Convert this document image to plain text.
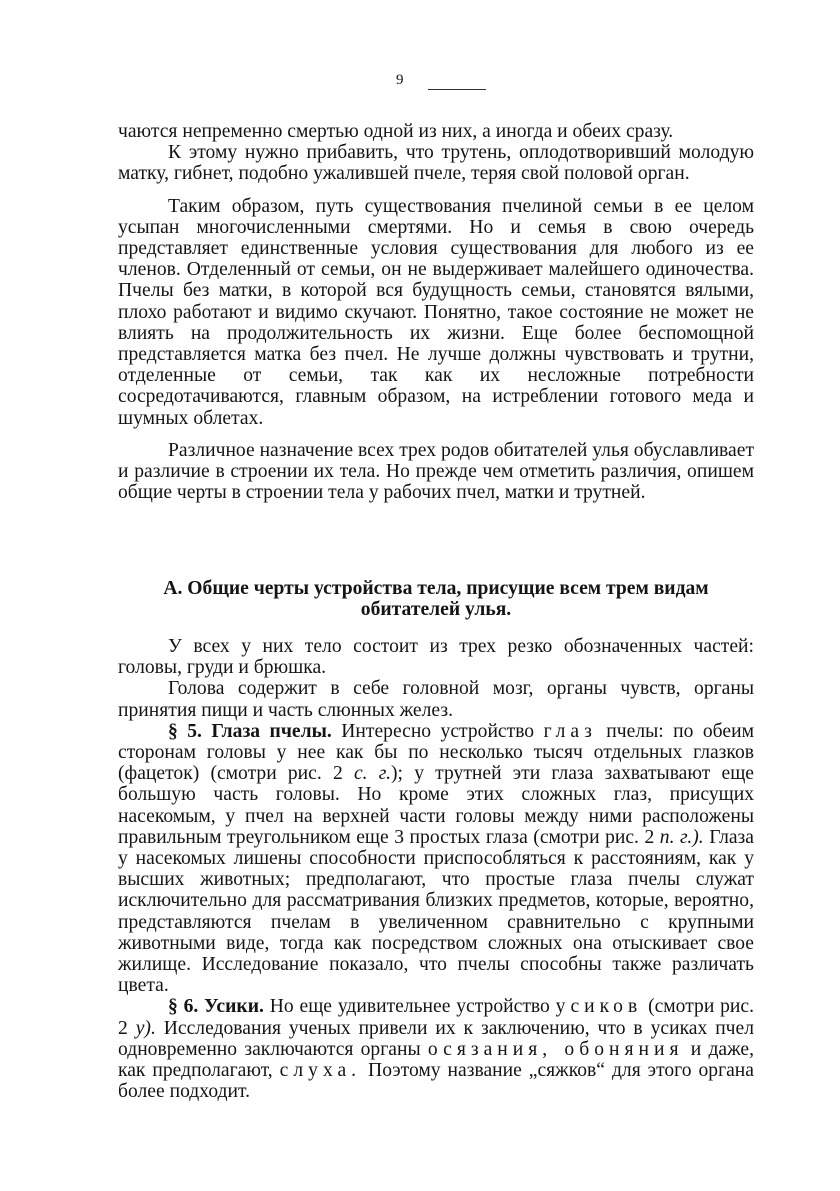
9

чаются непременно смертью одной из них, а иногда и обеих сразу.

К этому нужно прибавить, что трутень, оплодотворивший молодую матку, гибнет, подобно ужалившей пчеле, теряя свой половой орган.

Таким образом, путь существования пчелиной семьи в ее целом усыпан многочисленными смертями. Но и семья в свою очередь представляет единственные условия существования для любого из ее членов. Отделенный от семьи, он не выдерживает малейшего одиночества. Пчелы без матки, в которой вся будущность семьи, становятся вялыми, плохо работают и видимо скучают. Понятно, такое состояние не может не влиять на продолжительность их жизни. Еще более беспомощной представляется матка без пчел. Не лучше должны чувствовать и трутни, отделенные от семьи, так как их несложные потребности сосредотачиваются, главным образом, на истреблении готового меда и шумных облетах.

Различное назначение всех трех родов обитателей улья обуславливает и различие в строении их тела. Но прежде чем отметить различия, опишем общие черты в строении тела у рабочих пчел, матки и трутней.

А. Общие черты устройства тела, присущие всем трем видам обитателей улья.

У всех у них тело состоит из трех резко обозначенных частей: головы, груди и брюшка.

Голова содержит в себе головной мозг, органы чувств, органы принятия пищи и часть слюнных желез.

§ 5. Глаза пчелы. Интересно устройство глаз пчелы: по обеим сторонам головы у нее как бы по несколько тысяч отдельных глазков (фацеток) (смотри рис. 2 с. г.); у трутней эти глаза захватывают еще большую часть головы. Но кроме этих сложных глаз, присущих насекомым, у пчел на верхней части головы между ними расположены правильным треугольником еще 3 простых глаза (смотри рис. 2 п. г.). Глаза у насекомых лишены способности приспособляться к расстояниям, как у высших животных; предполагают, что простые глаза пчелы служат исключительно для рассматривания близких предметов, которые, вероятно, представляются пчелам в увеличенном сравнительно с крупными животными виде, тогда как посредством сложных она отыскивает свое жилище. Исследование показало, что пчелы способны также различать цвета.

§ 6. Усики. Но еще удивительнее устройство усиков (смотри рис. 2 у). Исследования ученых привели их к заключению, что в усиках пчел одновременно заключаются органы осязания, обоняния и даже, как предполагают, слуха. Поэтому название „сяжков“ для этого органа более подходит.
